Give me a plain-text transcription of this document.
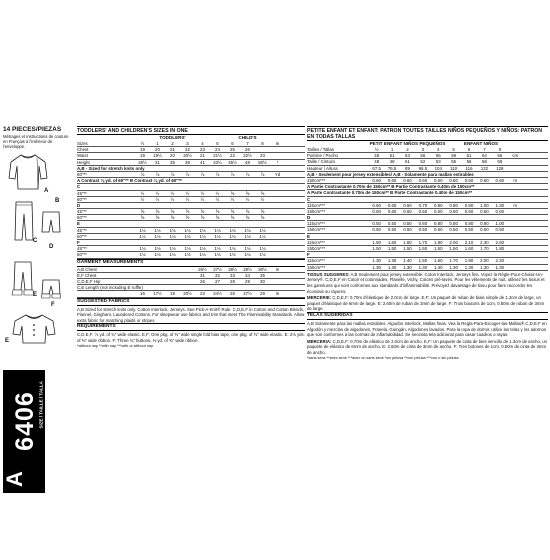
14 PIECES/PIEZAS
Métrages et instructions de couture en Français à l'intérieur de l'enveloppe.
A
B
C
D
E
F
E
6406 SIZE / TAILLE / TALLA
A	U.S. 1/2-8 / FR. 1/2-8 / EURO. 1/2-8
TODDLERS' AND CHILDREN'S SIZES IN ONE
TODDLERS'	CHILD'S
Sizes	½	1	2	3	4	5	6	7	8	In
Chest	19	20	21	22	23	24	25	26
Waist	19	19½	20	20½	21	21½	22	22½	23
Height	26½	31	35	38	41	43½	45½	48	50½	*
A,B - Sized for stretch knits only
60"**	⅞	⅞	⅞	⅞	⅞	⅞	⅞	⅞	⅞	Yd
A Contrast ⅛ yd. of 60"** B Contrast ⅛ yd. of 60"**
C
45"**	½	½	½	½	½	½	⅝	⅝	⅝
60"**	½	½	½	½	½	½	½	½	½
D
45"**	⅝	⅝	⅝	⅝	⅝	⅝	⅝	⅝	⅝
60"**	⅝	⅝	⅝	⅝	⅝	⅝	⅝	⅝	⅝
E
45"**	1⅛	1⅛	1⅛	1⅛	1⅛	1⅛	1⅛	1⅛	1⅛
60"**	1⅛	1⅛	1⅛	1⅛	1⅛	1⅛	1⅛	1⅛	1⅛
F
45"**	1⅛	1⅛	1⅛	1⅛	1⅛	1⅛	1⅛	1⅛	1⅛
60"**	1⅛	1⅛	1⅛	1⅛	1⅛	1⅛	1⅛	1⅛	1⅛
GARMENT MEASUREMENTS
A,B Chest	26½	27½	28½	29½	30½	In
E,F Chest	31	32	33	34	35
C,D,E,F Hip	26	27	28	29	30
C,E Length (not including E ruffle)
16	17½	19	20½	23	24½	26	27½	29	In
SUGGESTED FABRICS
A,B Sized for stretch knits only. Cotton Interlock, Jerseys. See Pick-A-Knit® Rule. C,D,E,F in Cotton and Cotton Blends, Flannel, Gingham, Laundered Cottons. For sleepwear use fabrics and trim that meet The Flammability Standards. Allow extra fabric for matching plaids or stripes.
REQUIREMENTS
C,D,E,F: ⅞ yd. of ¾" wide elastic. E,F: One pkg. of ⅜" wide single fold bias tape, one pkg. of ⅜" wide elastic. E: 2⅛ yds. of ⅜" wide ribbon. F: Three ¾" buttons, ⅜ yd. of ⅜" wide ribbon.
*without nap **with nap ***with or without nap
PETITE ENFANT ET ENFANT: PATRON TOUTES TAILLES NIÑOS PEQUEÑOS Y NIÑOS: PATRON EN TODAS TALLAS
PETIT ENFANT NIÑOS PEQUEÑOS	ENFANT NIÑOS
Tailles / Tallas	½	1	2	3	4	5	6	7	8
Poitrine / Pecho	48	51	53	56	56	59	61	64	66	cm
Taille / Cintura	48	48	51	52	53	55	56	58	59
Hauteur / Altura	67.5	76.5	89	96.5	104	110	116	122	128
A,B - Seulement pour jersey extensibles/ A,B - Solamente para mallas estirables
150cm***	0.60	0.60	0.60	0.60	0.60	0.60	0.60	0.60	0.60	m
A Partie Contrastante 0.70m de 150cm** B Partie Contrastante 0.40m de 150cm**
A Parte Contrastante 0.70m de 150cm** B Parte Contrastante 0.40m de 150cm**
C
115cm***	0.60	0.60	0.60	0.70	0.80	0.80	0.90	1.00	1.30	m
150cm***	0.60	0.60	0.60	0.60	0.60	0.60	0.60	0.60	0.60
D
115cm***	0.50	0.50	0.50	0.60	0.80	0.80	0.80	0.90	1.00
150cm***	0.50	0.50	0.50	0.50	0.50	0.50	0.50	0.50	0.50
E
115cm***	1.50	1.60	1.60	1.70	1.80	2.00	2.10	2.30	2.60
150cm***	1.50	1.50	1.50	1.50	1.50	1.50	1.60	1.70	1.80
F
115cm***	1.30	1.30	1.40	1.50	1.60	1.70	1.80	2.00	2.20
150cm***	1.30	1.30	1.30	1.30	1.30	1.30	1.30	1.30	1.30
TISSUS SUGGERES: A,B Seulement pour jersey extensible. Coton Interlock, Jerseys fins. Voyez la Règle-Pour-Choisir-Un-Jersey®. C,D,E,F en Coton et cotonnades, Flanelle, Vichy, Cotons pré-lavés. Pour les vêtements de nuit, utilisez les tissus et les garnitures qui sont conformes aux standards d'inflammabilité. Prévoyez davantage de tissu pour faire raccorder les écossais ou rayures.
MERCERIE: C,D,E,F: 0.70m d'élastique de 2.0cm de large. E,F: Un paquet de ruban de biais simple de 1.3cm de large, un paquet d'élastique de 6mm de large. E: 2.60m de ruban de 3mm de large. F: Trois boutons de 1cm, 0.50m de ruban de 3mm de large.
TELAS SUGERIDAS
A,B Solamente para las mallas estirables. Algodón Interlock, Mallas finas. Vea la Regla-Para-Escoger-las-Mallas®.C,D,E,F en Algodón y mezclas de algodones, Franela, Guingán, Algodones lavados. Para la ropa de dormir, utilice las telas y los adornos que son conformes a las normas de inflamabilidad. Se necesita tela adicional para casar cuadros o rayas.
MERCERIA: C,D,E,F: 0.70m de elástico de 2.0cm de ancho. E,F: Un paquete de cinta de bies sencillo de 1.3cm de ancho, un paquete de elástico de 6mm de ancho. E: 2.60m de cinta de 3mm de ancho. F: Tres botones de 1cm, 0.50m de cinta de 3mm de ancho.
*sans sens **avec sens ***avec ou sans sens *sin pelusa **con pelusa ***con o sin pelusa
